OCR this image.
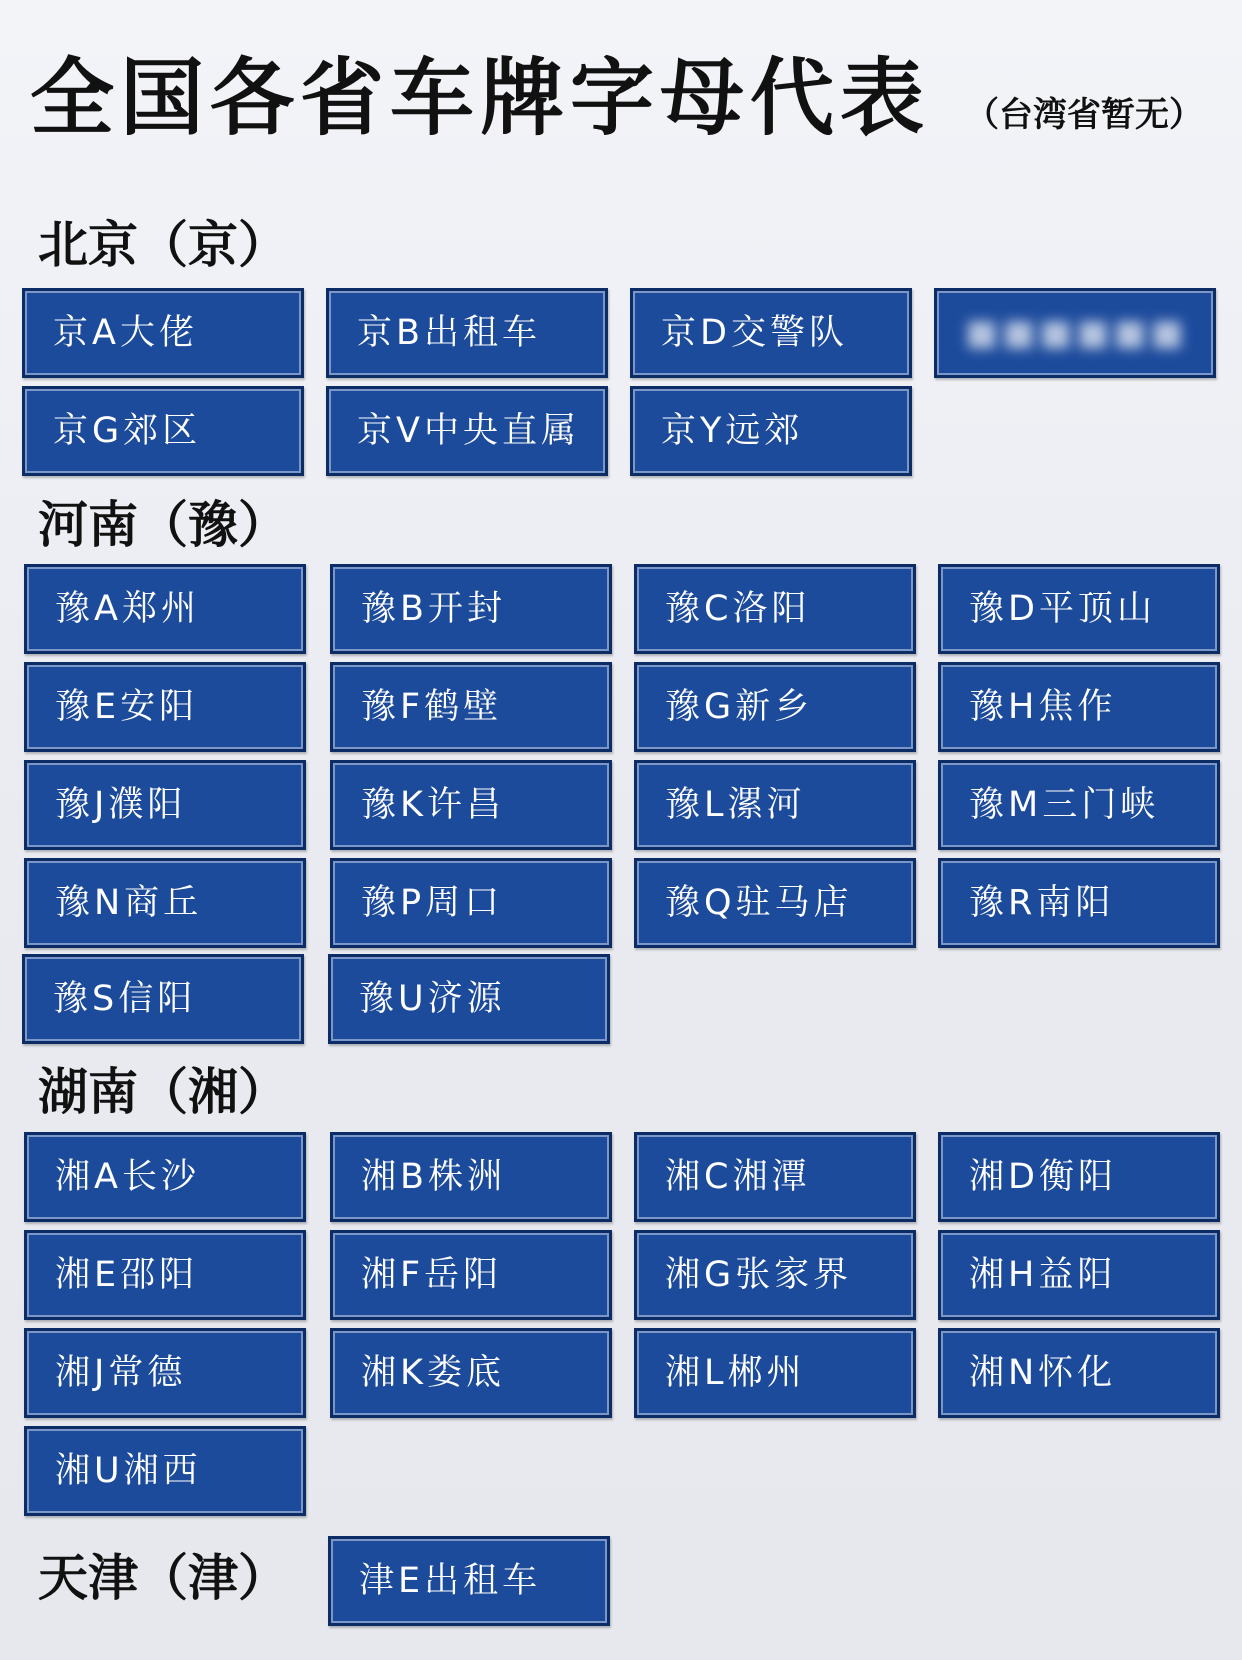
全国各省车牌字母代表 （台湾省暂无）
北京（京）
京A大佬	京B出租车	京D交警队	■■■■■■
京G郊区	京V中央直属	京Y远郊
河南（豫）
豫A郑州	豫B开封	豫C洛阳	豫D平顶山
豫E安阳	豫F鹤壁	豫G新乡	豫H焦作
豫J濮阳	豫K许昌	豫L漯河	豫M三门峡
豫N商丘	豫P周口	豫Q驻马店	豫R南阳
豫S信阳	豫U济源
湖南（湘）
湘A长沙	湘B株洲	湘C湘潭	湘D衡阳
湘E邵阳	湘F岳阳	湘G张家界	湘H益阳
湘J常德	湘K娄底	湘L郴州	湘N怀化
湘U湘西
天津（津）	津E出租车
